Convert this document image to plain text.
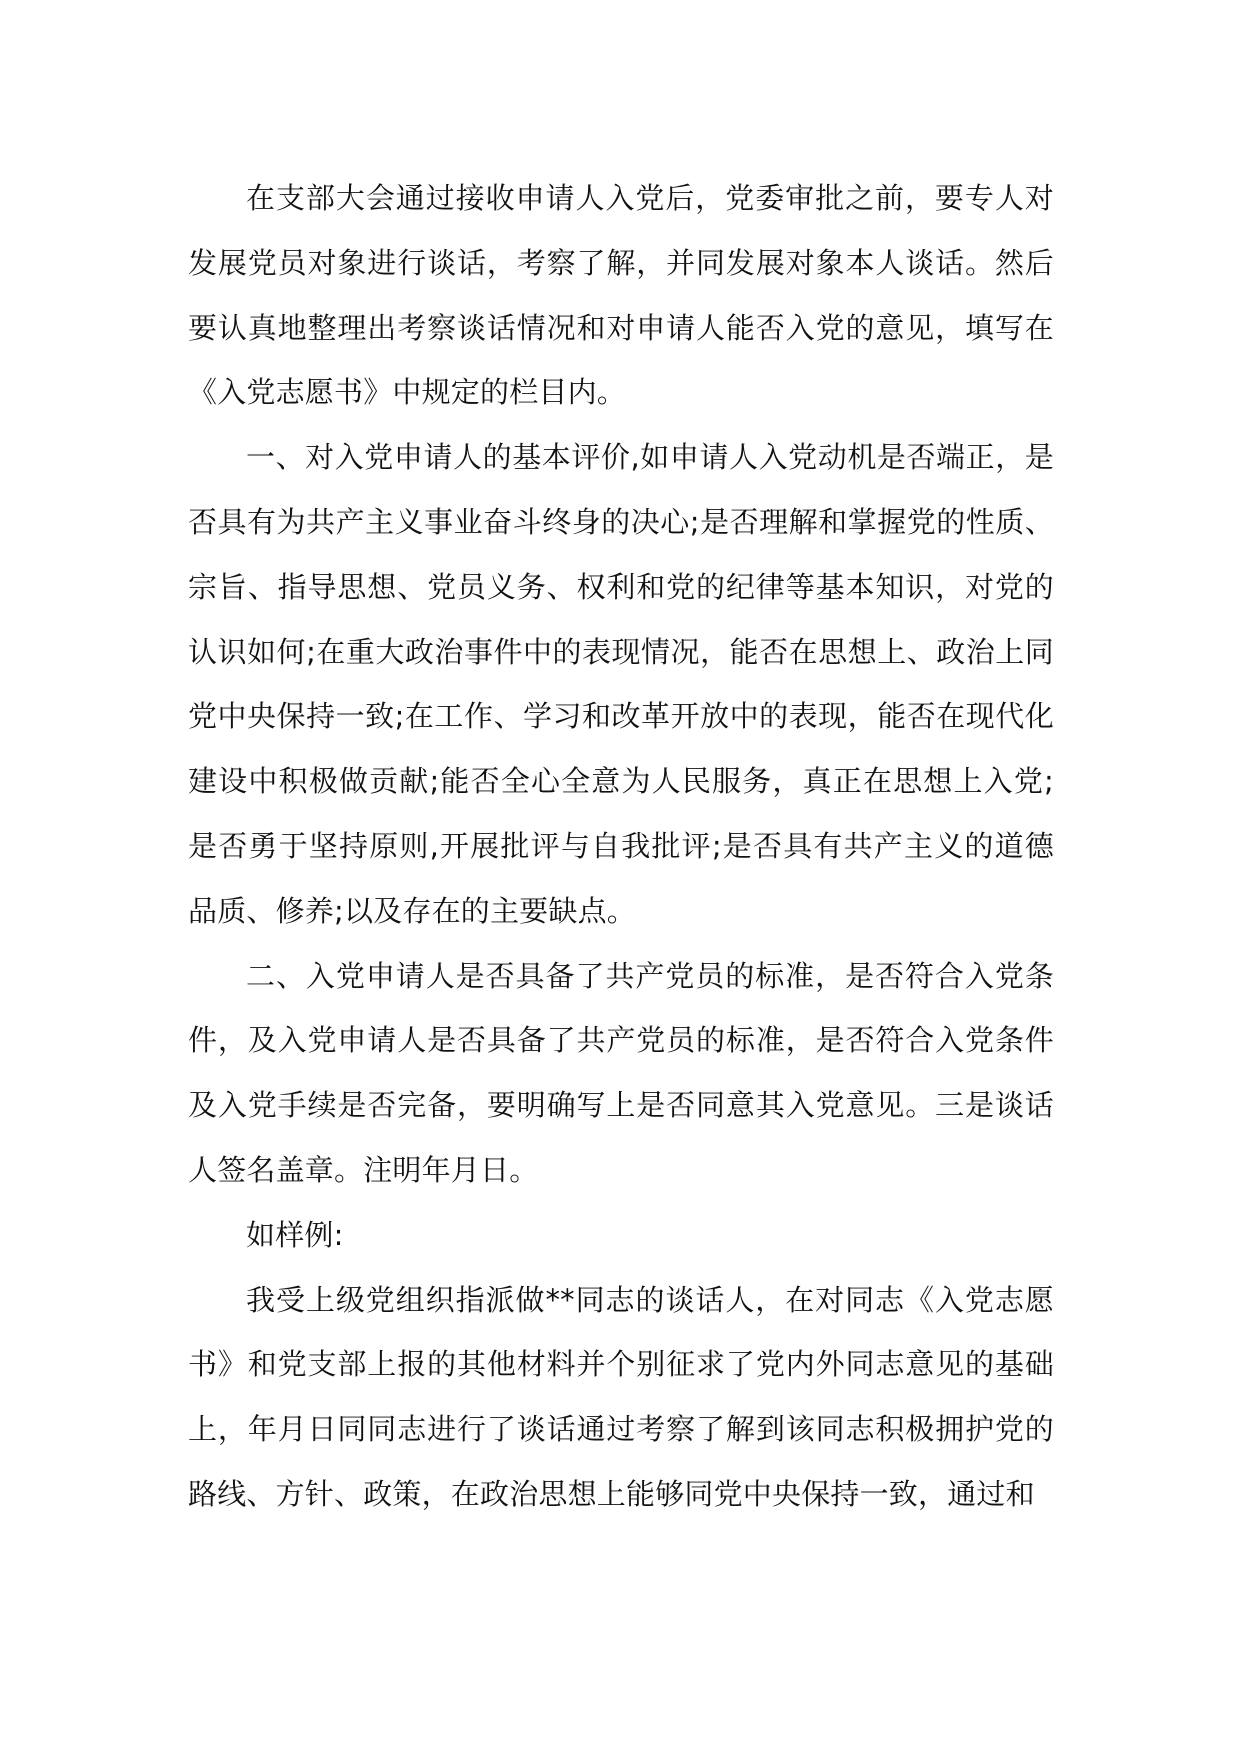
在支部大会通过接收申请人入党后，党委审批之前，要专人对发展党员对象进行谈话，考察了解，并同发展对象本人谈话。然后要认真地整理出考察谈话情况和对申请人能否入党的意见，填写在《入党志愿书》中规定的栏目内。

一、对入党申请人的基本评价,如申请人入党动机是否端正，是否具有为共产主义事业奋斗终身的决心;是否理解和掌握党的性质、宗旨、指导思想、党员义务、权利和党的纪律等基本知识，对党的认识如何;在重大政治事件中的表现情况，能否在思想上、政治上同党中央保持一致;在工作、学习和改革开放中的表现，能否在现代化建设中积极做贡献;能否全心全意为人民服务，真正在思想上入党;是否勇于坚持原则,开展批评与自我批评;是否具有共产主义的道德品质、修养;以及存在的主要缺点。

二、入党申请人是否具备了共产党员的标准，是否符合入党条件，及入党申请人是否具备了共产党员的标准，是否符合入党条件及入党手续是否完备，要明确写上是否同意其入党意见。三是谈话人签名盖章。注明年月日。

如样例:

我受上级党组织指派做**同志的谈话人，在对同志《入党志愿书》和党支部上报的其他材料并个别征求了党内外同志意见的基础上，年月日同同志进行了谈话通过考察了解到该同志积极拥护党的路线、方针、政策，在政治思想上能够同党中央保持一致，通过和
